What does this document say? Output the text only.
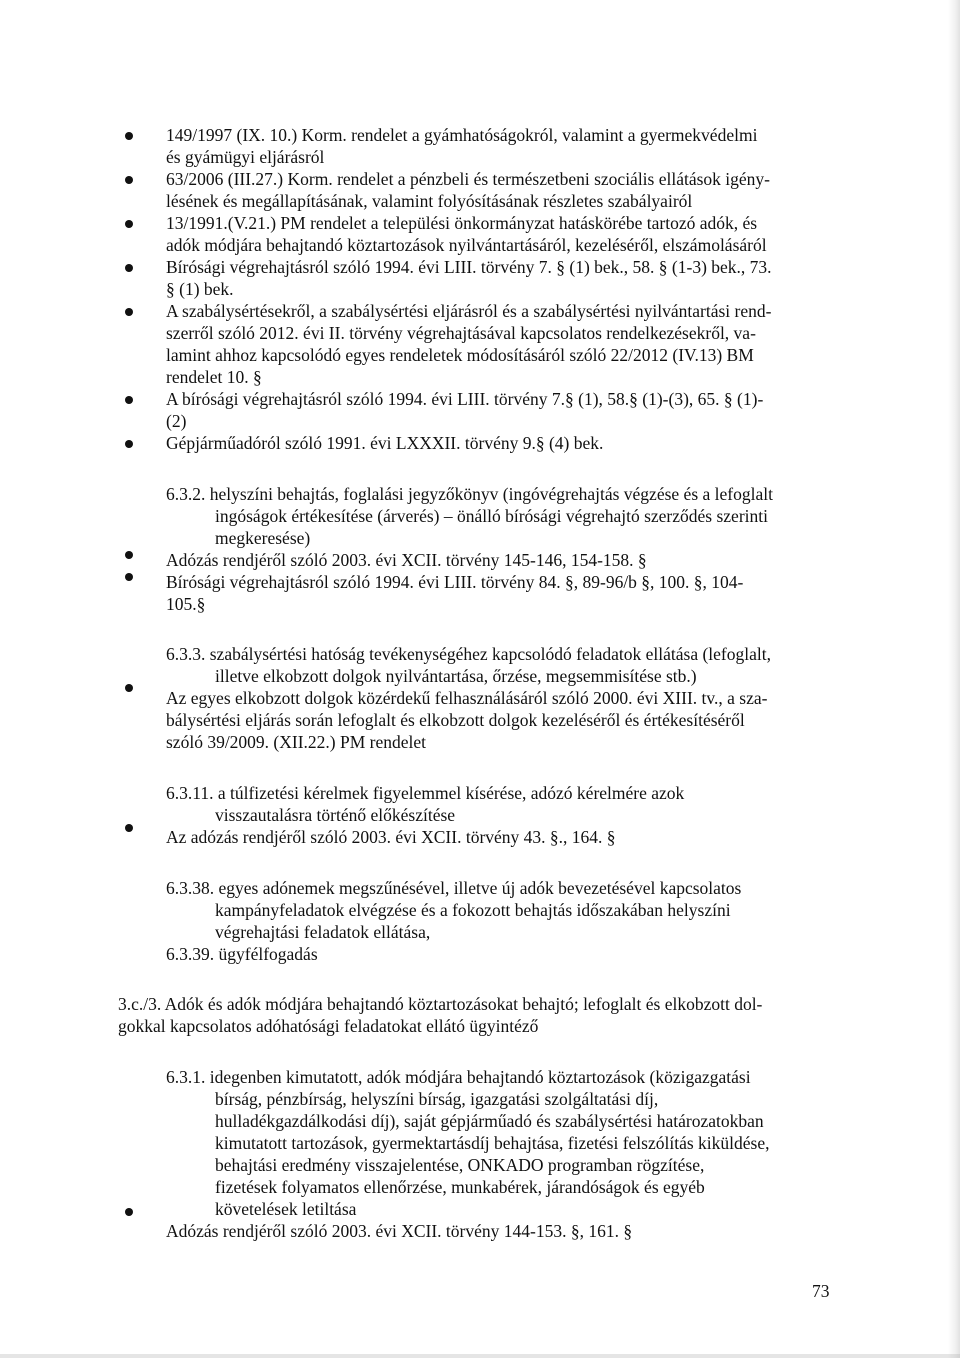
149/1997 (IX. 10.) Korm. rendelet a gyámhatóságokról, valamint a gyermekvédelmi
és gyámügyi eljárásról
63/2006 (III.27.) Korm. rendelet a pénzbeli és természetbeni szociális ellátások igény-
lésének és megállapításának, valamint folyósításának részletes szabályairól
13/1991.(V.21.) PM rendelet a települési önkormányzat hatáskörébe tartozó adók, és
adók módjára behajtandó köztartozások nyilvántartásáról, kezeléséről, elszámolásáról
Bírósági végrehajtásról szóló 1994. évi LIII. törvény 7. § (1) bek., 58. § (1-3) bek., 73.
§ (1) bek.
A szabálysértésekről, a szabálysértési eljárásról és a szabálysértési nyilvántartási rend-
szerről szóló 2012. évi II. törvény végrehajtásával kapcsolatos rendelkezésekről, va-
lamint ahhoz kapcsolódó egyes rendeletek módosításáról szóló 22/2012 (IV.13) BM
rendelet 10. §
A bírósági végrehajtásról szóló 1994. évi LIII. törvény 7.§ (1), 58.§ (1)-(3), 65. § (1)-
(2)
Gépjárműadóról szóló 1991. évi LXXXII. törvény 9.§ (4) bek.
6.3.2. helyszíni behajtás, foglalási jegyzőkönyv (ingóvégrehajtás végzése és a lefoglalt
ingóságok értékesítése (árverés) – önálló bírósági végrehajtó szerződés szerinti
megkeresése)
Adózás rendjéről szóló 2003. évi XCII. törvény 145-146, 154-158. §
Bírósági végrehajtásról szóló 1994. évi LIII. törvény 84. §, 89-96/b §, 100. §, 104-
105.§
6.3.3. szabálysértési hatóság tevékenységéhez kapcsolódó feladatok ellátása (lefoglalt,
illetve elkobzott dolgok nyilvántartása, őrzése, megsemmisítése stb.)
Az egyes elkobzott dolgok közérdekű felhasználásáról szóló 2000. évi XIII. tv., a sza-
bálysértési eljárás során lefoglalt és elkobzott dolgok kezeléséről és értékesítéséről
szóló 39/2009. (XII.22.) PM rendelet
6.3.11. a túlfizetési kérelmek figyelemmel kísérése, adózó kérelmére azok
visszautalásra történő előkészítése
Az adózás rendjéről szóló 2003. évi XCII. törvény 43. §., 164. §
6.3.38. egyes adónemek megszűnésével, illetve új adók bevezetésével kapcsolatos
kampányfeladatok elvégzése és a fokozott behajtás időszakában helyszíni
végrehajtási feladatok ellátása,
6.3.39. ügyfélfogadás
3.c./3. Adók és adók módjára behajtandó köztartozásokat behajtó; lefoglalt és elkobzott dol-
gokkal kapcsolatos adóhatósági feladatokat ellátó ügyintéző
6.3.1. idegenben kimutatott, adók módjára behajtandó köztartozások (közigazgatási
bírság, pénzbírság, helyszíni bírság, igazgatási szolgáltatási díj,
hulladékgazdálkodási díj), saját gépjárműadó és szabálysértési határozatokban
kimutatott tartozások, gyermektartásdíj behajtása, fizetési felszólítás kiküldése,
behajtási eredmény visszajelentése, ONKADO programban rögzítése,
fizetések folyamatos ellenőrzése, munkabérek, járandóságok és egyéb
követelések letiltása
Adózás rendjéről szóló 2003. évi XCII. törvény 144-153. §, 161. §
73
